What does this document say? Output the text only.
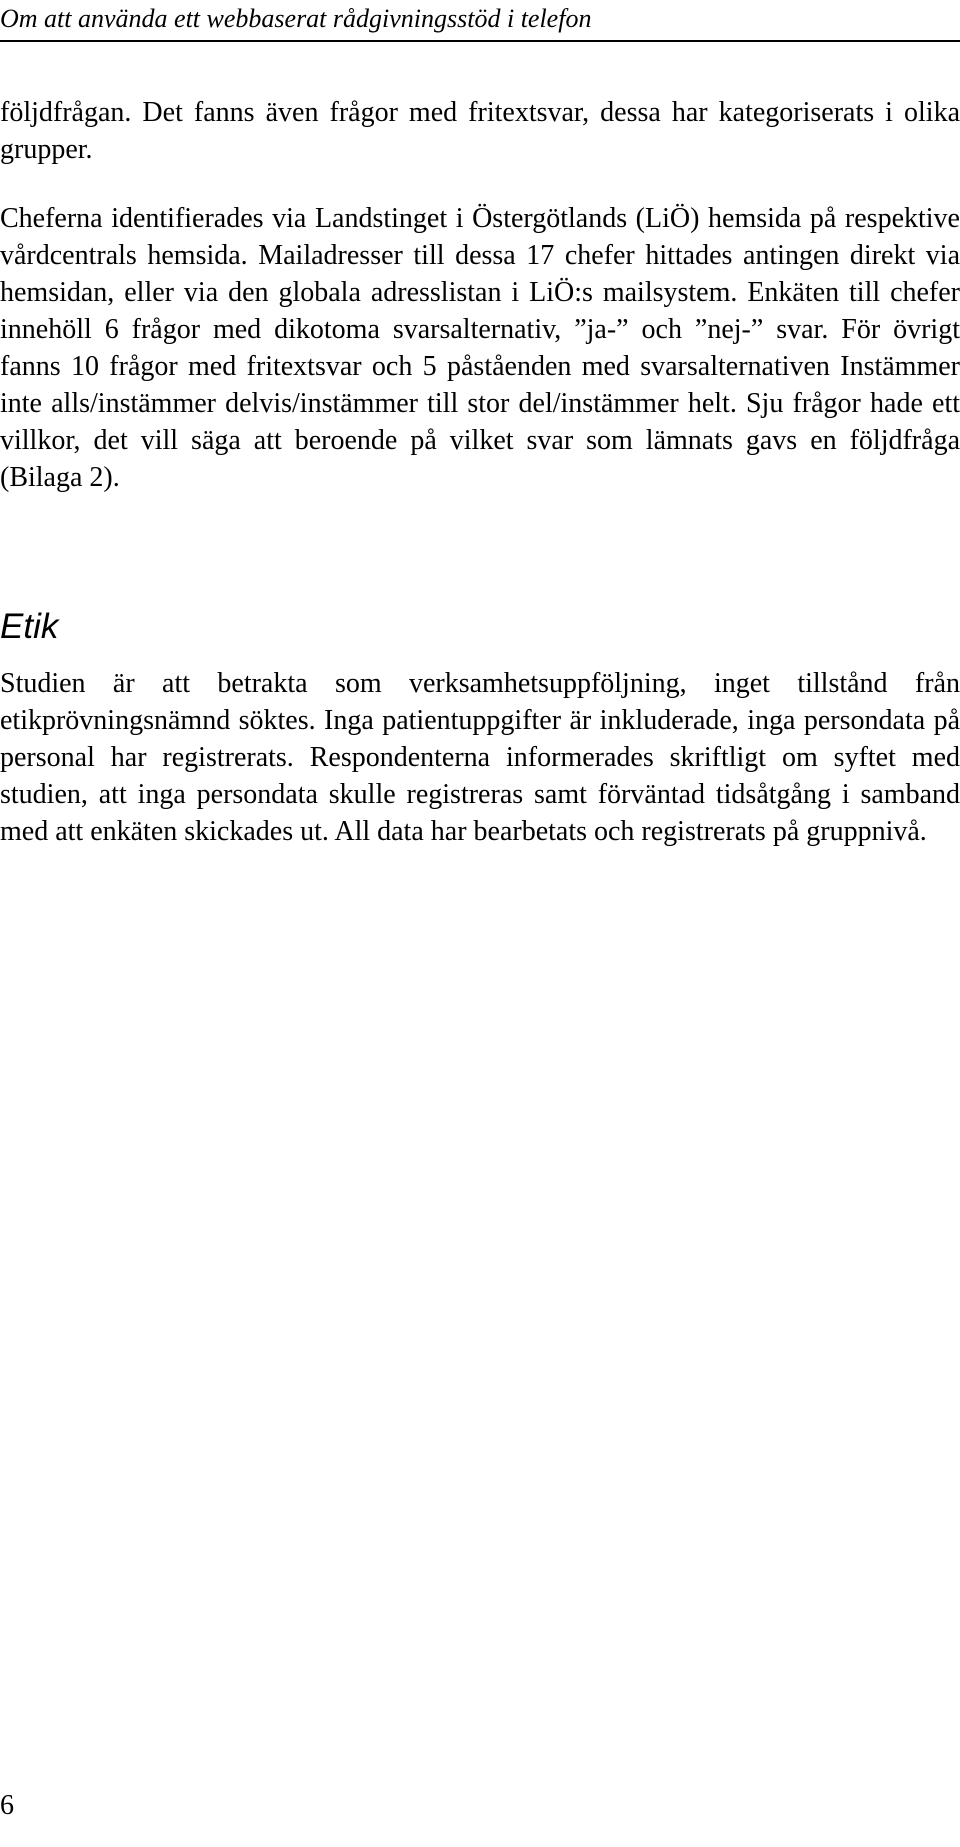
Om att använda ett webbaserat rådgivningsstöd i telefon

följdfrågan. Det fanns även frågor med fritextsvar, dessa har kategoriserats i olika grupper.

Cheferna identifierades via Landstinget i Östergötlands (LiÖ) hemsida på respektive vårdcentrals hemsida. Mailadresser till dessa 17 chefer hittades antingen direkt via hemsidan, eller via den globala adresslistan i LiÖ:s mailsystem. Enkäten till chefer innehöll 6 frågor med dikotoma svarsalternativ, ”ja-” och ”nej-” svar. För övrigt fanns 10 frågor med fritextsvar och 5 påståenden med svarsalternativen Instämmer inte alls/instämmer delvis/instämmer till stor del/instämmer helt. Sju frågor hade ett villkor, det vill säga att beroende på vilket svar som lämnats gavs en följdfråga (Bilaga 2).

Etik

Studien är att betrakta som verksamhetsuppföljning, inget tillstånd från etikprövningsnämnd söktes. Inga patientuppgifter är inkluderade, inga persondata på personal har registrerats. Respondenterna informerades skriftligt om syftet med studien, att inga persondata skulle registreras samt förväntad tidsåtgång i samband med att enkäten skickades ut. All data har bearbetats och registrerats på gruppnivå.

6
